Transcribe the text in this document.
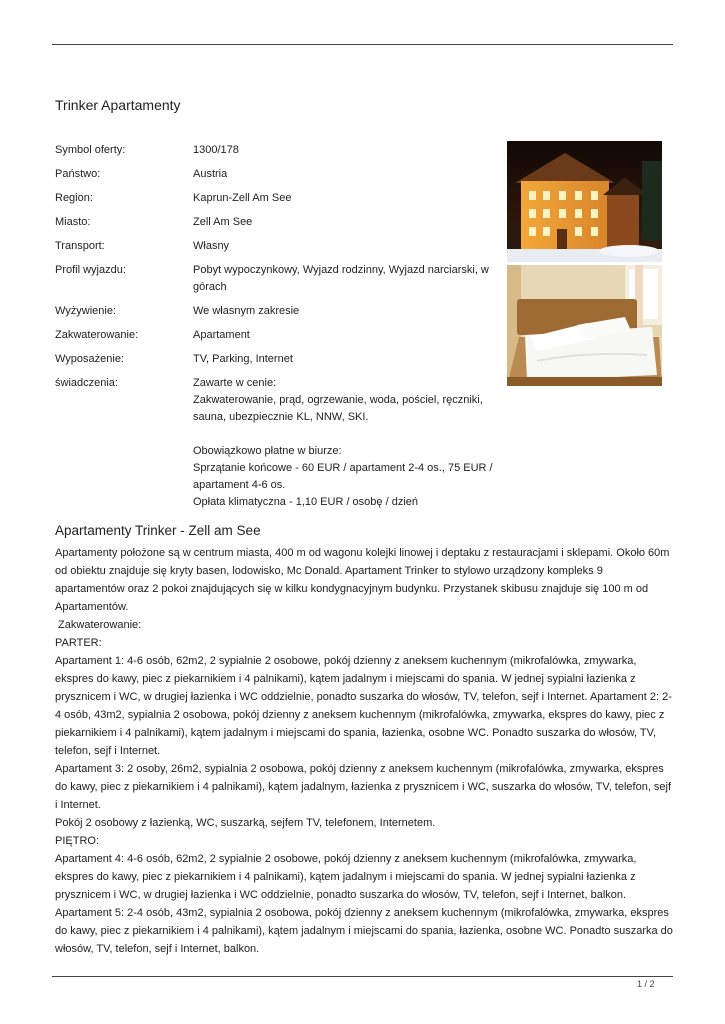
Trinker Apartamenty
Symbol oferty:	1300/178
Państwo:	Austria
Region:	Kaprun-Zell Am See
Miasto:	Zell Am See
Transport:	Własny
Profil wyjazdu:	Pobyt wypoczynkowy, Wyjazd rodzinny, Wyjazd narciarski, w górach
Wyżywienie:	We własnym zakresie
Zakwaterowanie:	Apartament
Wyposażenie:	TV, Parking, Internet
świadczenia:	Zawarte w cenie:

Zakwaterowanie, prąd, ogrzewanie, woda, pościel, ręczniki, sauna, ubezpiecznie KL, NNW, SKI.

Obowiązkowo płatne w biurze:

Sprzątanie końcowe - 60 EUR / apartament 2-4 os., 75 EUR / apartament 4-6 os.

Opłata klimatyczna - 1,10 EUR / osobę / dzień

Apartamenty Trinker - Zell am See

Apartamenty położone są w centrum miasta, 400 m od wagonu kolejki linowej i deptaku z restauracjami i sklepami. Około 60m od obiektu znajduje się kryty basen, lodowisko, Mc Donald. Apartament Trinker to stylowo urządzony kompleks 9 apartamentów oraz 2 pokoi znajdujących się w kilku kondygnacyjnym budynku. Przystanek skibusu znajduje się 100 m od Apartamentów.

Zakwaterowanie:

PARTER:

Apartament 1: 4-6 osób, 62m2, 2 sypialnie 2 osobowe, pokój dzienny z aneksem kuchennym (mikrofalówka, zmywarka, ekspres do kawy, piec z piekarnikiem i 4 palnikami), kątem jadalnym i miejscami do spania. W jednej sypialni łazienka z prysznicem i WC, w drugiej łazienka i WC oddzielnie, ponadto suszarka do włosów, TV, telefon, sejf i Internet. Apartament 2: 2-4 osób, 43m2, sypialnia 2 osobowa, pokój dzienny z aneksem kuchennym (mikrofalówka, zmywarka, ekspres do kawy, piec z piekarnikiem i 4 palnikami), kątem jadalnym i miejscami do spania, łazienka, osobne WC. Ponadto suszarka do włosów, TV, telefon, sejf i Internet.

Apartament 3: 2 osoby, 26m2, sypialnia 2 osobowa, pokój dzienny z aneksem kuchennym (mikrofalówka, zmywarka, ekspres do kawy, piec z piekarnikiem i 4 palnikami), kątem jadalnym, łazienka z prysznicem i WC, suszarka do włosów, TV, telefon, sejf i Internet.

Pokój 2 osobowy z łazienką, WC, suszarką, sejfem TV, telefonem, Internetem.

PIĘTRO:

Apartament 4: 4-6 osób, 62m2, 2 sypialnie 2 osobowe, pokój dzienny z aneksem kuchennym (mikrofalówka, zmywarka, ekspres do kawy, piec z piekarnikiem i 4 palnikami), kątem jadalnym i miejscami do spania. W jednej sypialni łazienka z prysznicem i WC, w drugiej łazienka i WC oddzielnie, ponadto suszarka do włosów, TV, telefon, sejf i Internet, balkon.

Apartament 5: 2-4 osób, 43m2, sypialnia 2 osobowa, pokój dzienny z aneksem kuchennym (mikrofalówka, zmywarka, ekspres do kawy, piec z piekarnikiem i 4 palnikami), kątem jadalnym i miejscami do spania, łazienka, osobne WC. Ponadto suszarka do włosów, TV, telefon, sejf i Internet, balkon.

1 / 2
